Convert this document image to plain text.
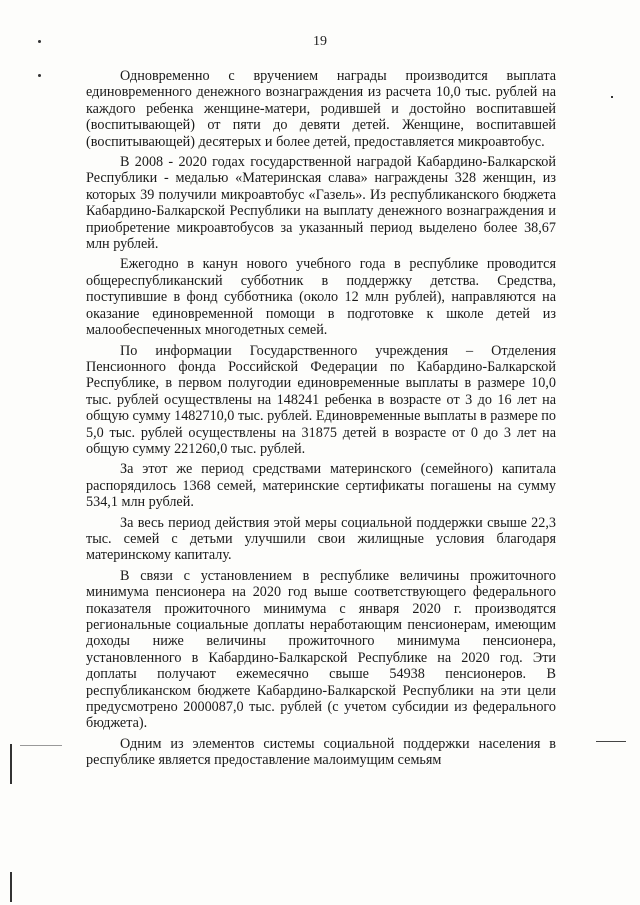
19

Одновременно с вручением награды производится выплата единовременного денежного вознаграждения из расчета 10,0 тыс. рублей на каждого ребенка женщине-матери, родившей и достойно воспитавшей (воспитывающей) от пяти до девяти детей. Женщине, воспитавшей (воспитывающей) десятерых и более детей, предоставляется микроавтобус.

В 2008 - 2020 годах государственной наградой Кабардино-Балкарской Республики - медалью «Материнская слава» награждены 328 женщин, из которых 39 получили микроавтобус «Газель». Из республиканского бюджета Кабардино-Балкарской Республики на выплату денежного вознаграждения и приобретение микроавтобусов за указанный период выделено более 38,67 млн рублей.

Ежегодно в канун нового учебного года в республике проводится общереспубликанский субботник в поддержку детства. Средства, поступившие в фонд субботника (около 12 млн рублей), направляются на оказание единовременной помощи в подготовке к школе детей из малообеспеченных многодетных семей.

По информации Государственного учреждения – Отделения Пенсионного фонда Российской Федерации по Кабардино-Балкарской Республике, в первом полугодии единовременные выплаты в размере 10,0 тыс. рублей осуществлены на 148241 ребенка в возрасте от 3 до 16 лет на общую сумму 1482710,0 тыс. рублей. Единовременные выплаты в размере по 5,0 тыс. рублей осуществлены на 31875 детей в возрасте от 0 до 3 лет на общую сумму 221260,0 тыс. рублей.

За этот же период средствами материнского (семейного) капитала распорядилось 1368 семей, материнские сертификаты погашены на сумму 534,1 млн рублей.

За весь период действия этой меры социальной поддержки свыше 22,3 тыс. семей с детьми улучшили свои жилищные условия благодаря материнскому капиталу.

В связи с установлением в республике величины прожиточного минимума пенсионера на 2020 год выше соответствующего федерального показателя прожиточного минимума с января 2020 г. производятся региональные социальные доплаты неработающим пенсионерам, имеющим доходы ниже величины прожиточного минимума пенсионера, установленного в Кабардино-Балкарской Республике на 2020 год. Эти доплаты получают ежемесячно свыше 54938 пенсионеров. В республиканском бюджете Кабардино-Балкарской Республики на эти цели предусмотрено 2000087,0 тыс. рублей (с учетом субсидии из федерального бюджета).

Одним из элементов системы социальной поддержки населения в республике является предоставление малоимущим семьям
